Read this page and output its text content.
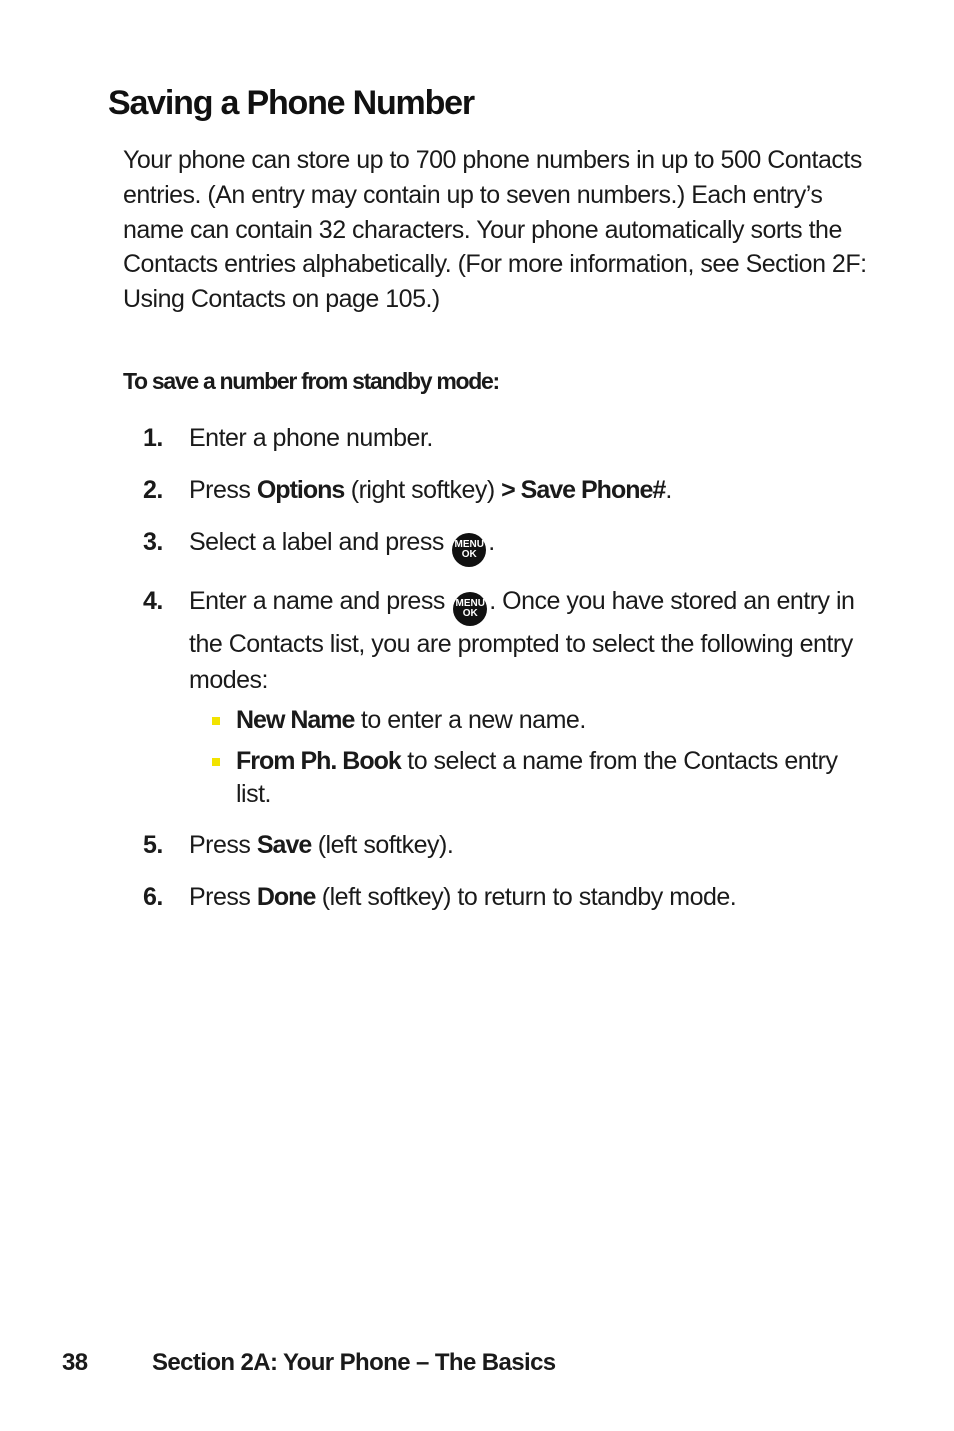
Saving a Phone Number

Your phone can store up to 700 phone numbers in up to 500 Contacts entries. (An entry may contain up to seven numbers.) Each entry’s name can contain 32 characters. Your phone automatically sorts the Contacts entries alphabetically. (For more information, see Section 2F: Using Contacts on page 105.)

To save a number from standby mode:

1. Enter a phone number.
2. Press Options (right softkey) > Save Phone#.
3. Select a label and press MENU
OK .
4. Enter a name and press MENU
OK . Once you have stored an entry in the Contacts list, you are prompted to select the following entry modes:
New Name to enter a new name.
From Ph. Book to select a name from the Contacts entry list.
5. Press Save (left softkey).
6. Press Done (left softkey) to return to standby mode.
38	Section 2A: Your Phone – The Basics
